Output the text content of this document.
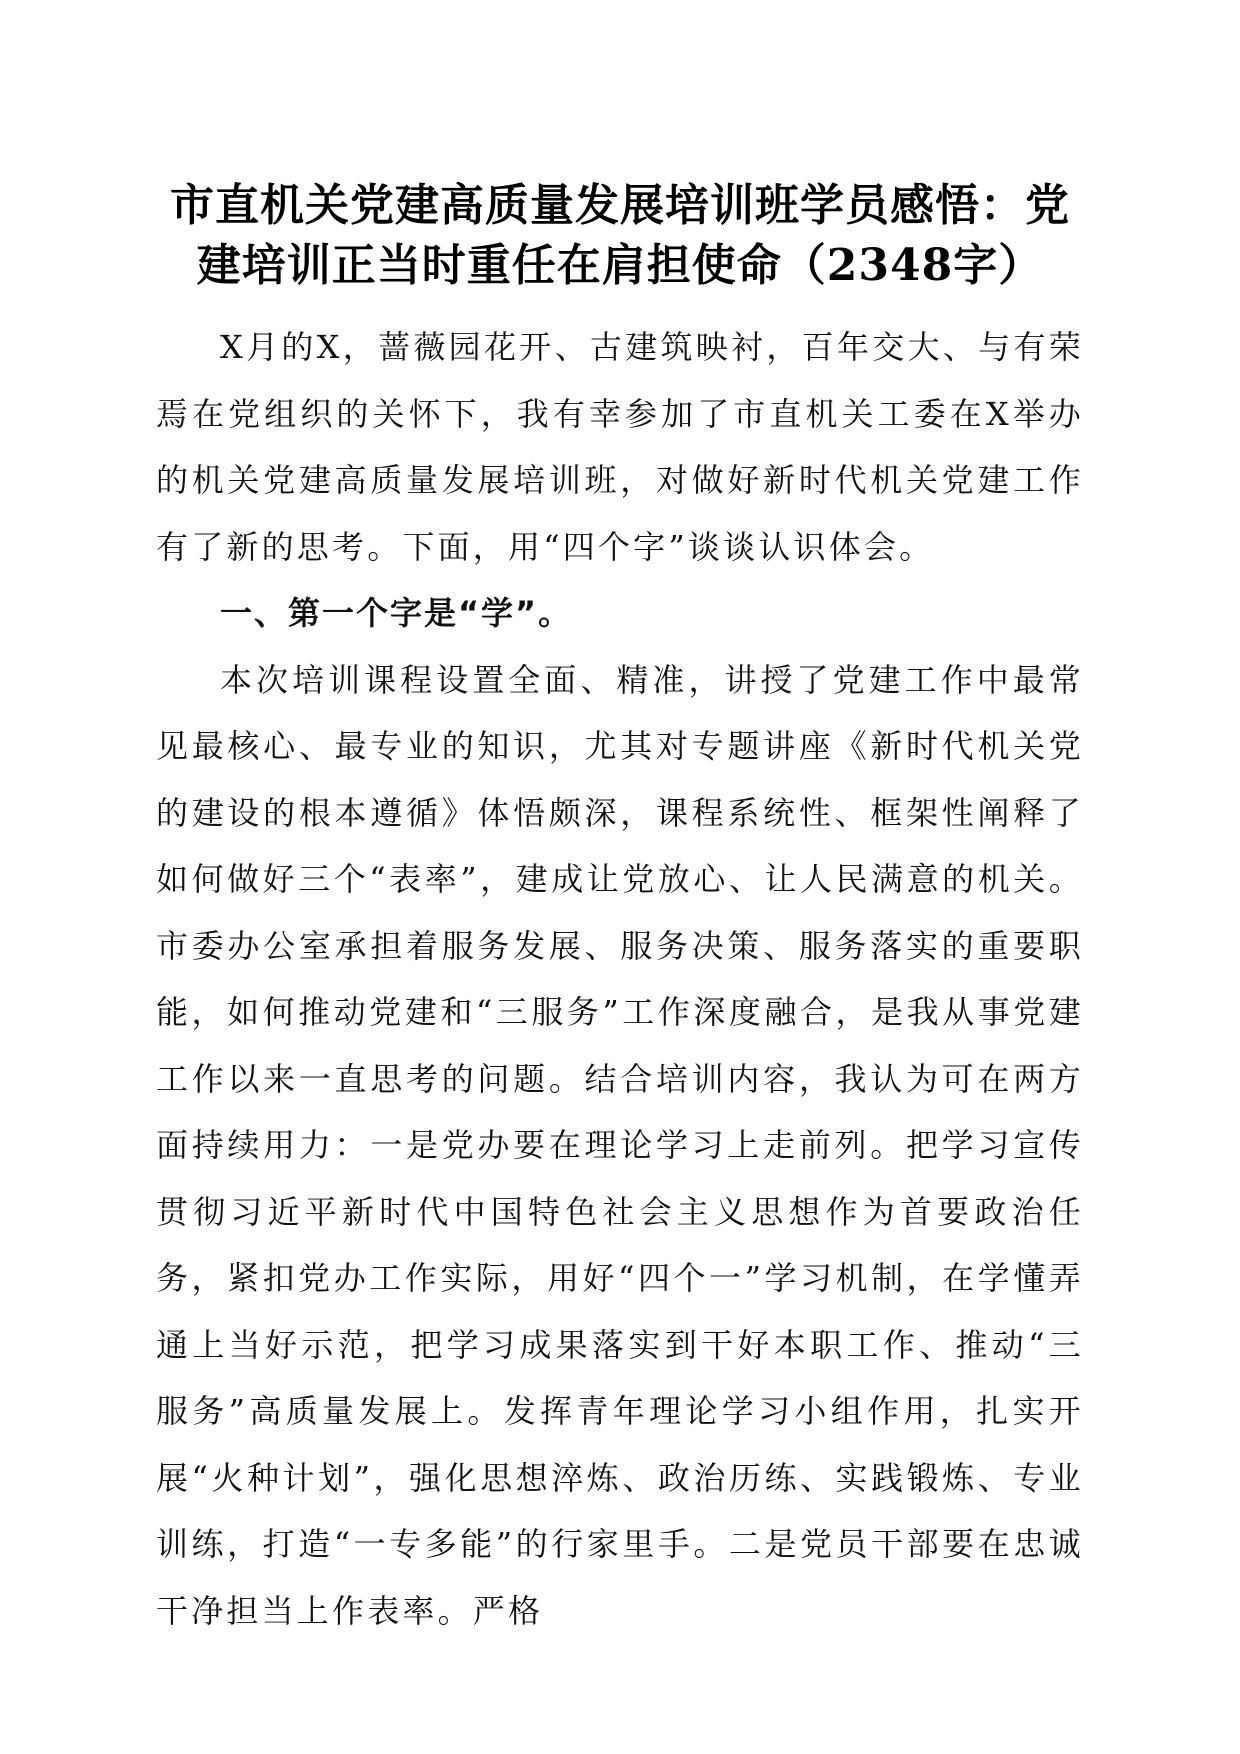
市直机关党建高质量发展培训班学员感悟：党建培训正当时重任在肩担使命（2348字）

X月的X，蔷薇园花开、古建筑映衬，百年交大、与有荣焉在党组织的关怀下，我有幸参加了市直机关工委在X举办的机关党建高质量发展培训班，对做好新时代机关党建工作有了新的思考。下面，用“四个字”谈谈认识体会。

一、第一个字是“学”。

本次培训课程设置全面、精准，讲授了党建工作中最常见最核心、最专业的知识，尤其对专题讲座《新时代机关党的建设的根本遵循》体悟颇深，课程系统性、框架性阐释了如何做好三个“表率”，建成让党放心、让人民满意的机关。市委办公室承担着服务发展、服务决策、服务落实的重要职能，如何推动党建和“三服务”工作深度融合，是我从事党建工作以来一直思考的问题。结合培训内容，我认为可在两方面持续用力：一是党办要在理论学习上走前列。把学习宣传贯彻习近平新时代中国特色社会主义思想作为首要政治任务，紧扣党办工作实际，用好“四个一”学习机制，在学懂弄通上当好示范，把学习成果落实到干好本职工作、推动“三服务”高质量发展上。发挥青年理论学习小组作用，扎实开展“火种计划”，强化思想淬炼、政治历练、实践锻炼、专业训练，打造“一专多能”的行家里手。二是党员干部要在忠诚干净担当上作表率。严格
